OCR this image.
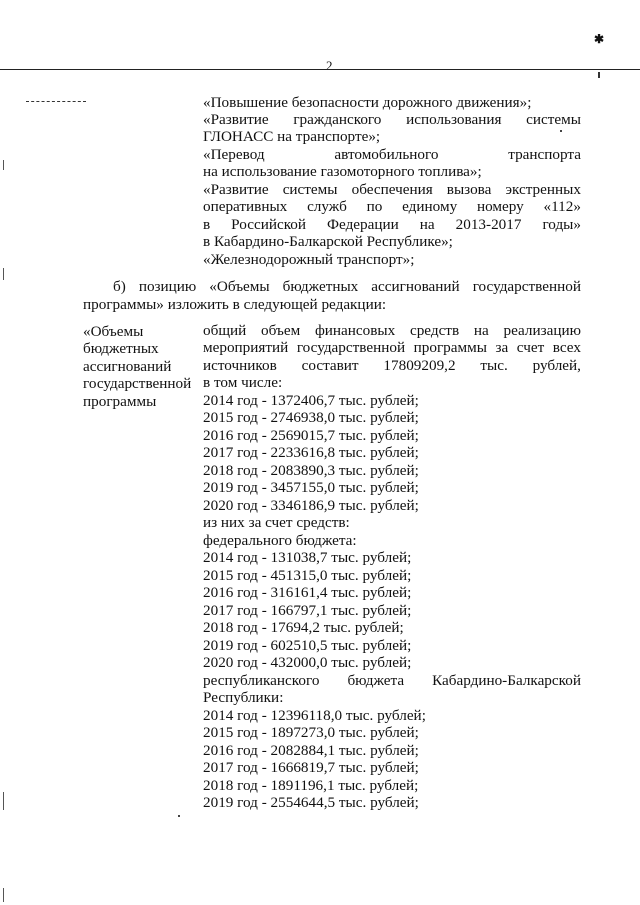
✱
2
«Повышение безопасности дорожного движения»;
«Развитие гражданского использования системы
ГЛОНАСС на транспорте»;
«Перевод	автомобильного	транспорта
на использование газомоторного топлива»;
«Развитие системы обеспечения вызова экстренных
оперативных служб по единому номеру «112»
в Российской Федерации на 2013-2017 годы»
в Кабардино-Балкарской Республике»;
«Железнодорожный транспорт»;
б) позицию «Объемы бюджетных ассигнований государственной
программы» изложить в следующей редакции:
«Объемы
бюджетных
ассигнований
государственной
программы
общий объем финансовых средств на реализацию
мероприятий государственной программы за счет всех
источников составит 17809209,2 тыс. рублей,
в том числе:
2014 год - 1372406,7 тыс. рублей;
2015 год - 2746938,0 тыс. рублей;
2016 год - 2569015,7 тыс. рублей;
2017 год - 2233616,8 тыс. рублей;
2018 год - 2083890,3 тыс. рублей;
2019 год - 3457155,0 тыс. рублей;
2020 год - 3346186,9 тыс. рублей;
из них за счет средств:
федерального бюджета:
2014 год - 131038,7 тыс. рублей;
2015 год - 451315,0 тыс. рублей;
2016 год - 316161,4 тыс. рублей;
2017 год - 166797,1 тыс. рублей;
2018 год - 17694,2 тыс. рублей;
2019 год - 602510,5 тыс. рублей;
2020 год - 432000,0 тыс. рублей;
республиканского бюджета Кабардино-Балкарской
Республики:
2014 год - 12396118,0 тыс. рублей;
2015 год - 1897273,0 тыс. рублей;
2016 год - 2082884,1 тыс. рублей;
2017 год - 1666819,7 тыс. рублей;
2018 год - 1891196,1 тыс. рублей;
2019 год - 2554644,5 тыс. рублей;
